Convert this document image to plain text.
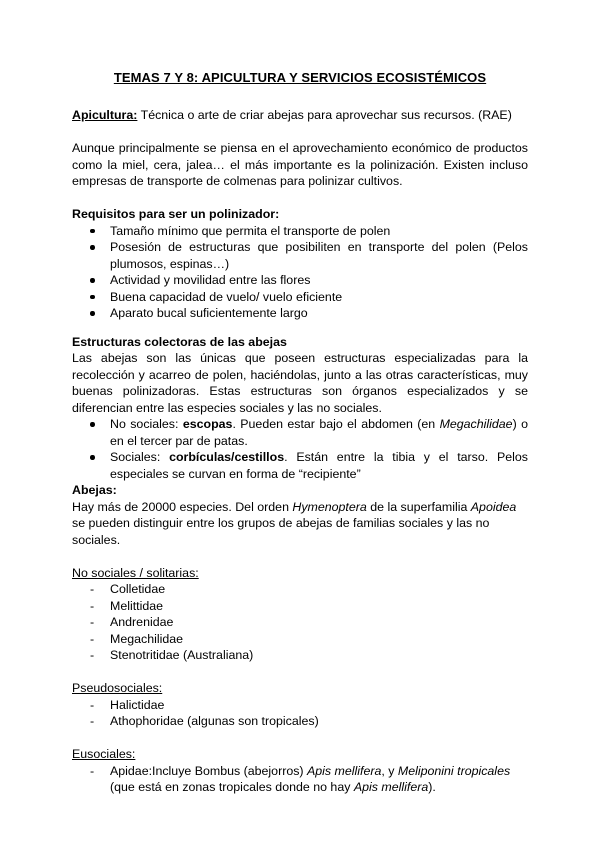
TEMAS 7 Y 8: APICULTURA Y SERVICIOS ECOSISTÉMICOS

Apicultura: Técnica o arte de criar abejas para aprovechar sus recursos. (RAE)

Aunque principalmente se piensa en el aprovechamiento económico de productos como la miel, cera, jalea… el más importante es la polinización. Existen incluso empresas de transporte de colmenas para polinizar cultivos.

Requisitos para ser un polinizador:

Tamaño mínimo que permita el transporte de polen
Posesión de estructuras que posibiliten en transporte del polen (Pelos plumosos, espinas…)
Actividad y movilidad entre las flores
Buena capacidad de vuelo/ vuelo eficiente
Aparato bucal suficientemente largo

Estructuras colectoras de las abejas

Las abejas son las únicas que poseen estructuras especializadas para la recolección y acarreo de polen, haciéndolas, junto a las otras características, muy buenas polinizadoras. Estas estructuras son órganos especializados y se diferencian entre las especies sociales y las no sociales.

No sociales: escopas. Pueden estar bajo el abdomen (en Megachilidae) o en el tercer par de patas.
Sociales: corbículas/cestillos. Están entre la tibia y el tarso. Pelos especiales se curvan en forma de “recipiente”

Abejas:

Hay más de 20000 especies. Del orden Hymenoptera de la superfamilia Apoidea se pueden distinguir entre los grupos de abejas de familias sociales y las no sociales.

No sociales / solitarias:

- Colletidae
- Melittidae
- Andrenidae
- Megachilidae
- Stenotritidae (Australiana)

Pseudosociales:

- Halictidae
- Athophoridae (algunas son tropicales)

Eusociales:

- Apidae:Incluye Bombus (abejorros) Apis mellifera, y Meliponini tropicales (que está en zonas tropicales donde no hay Apis mellifera).
